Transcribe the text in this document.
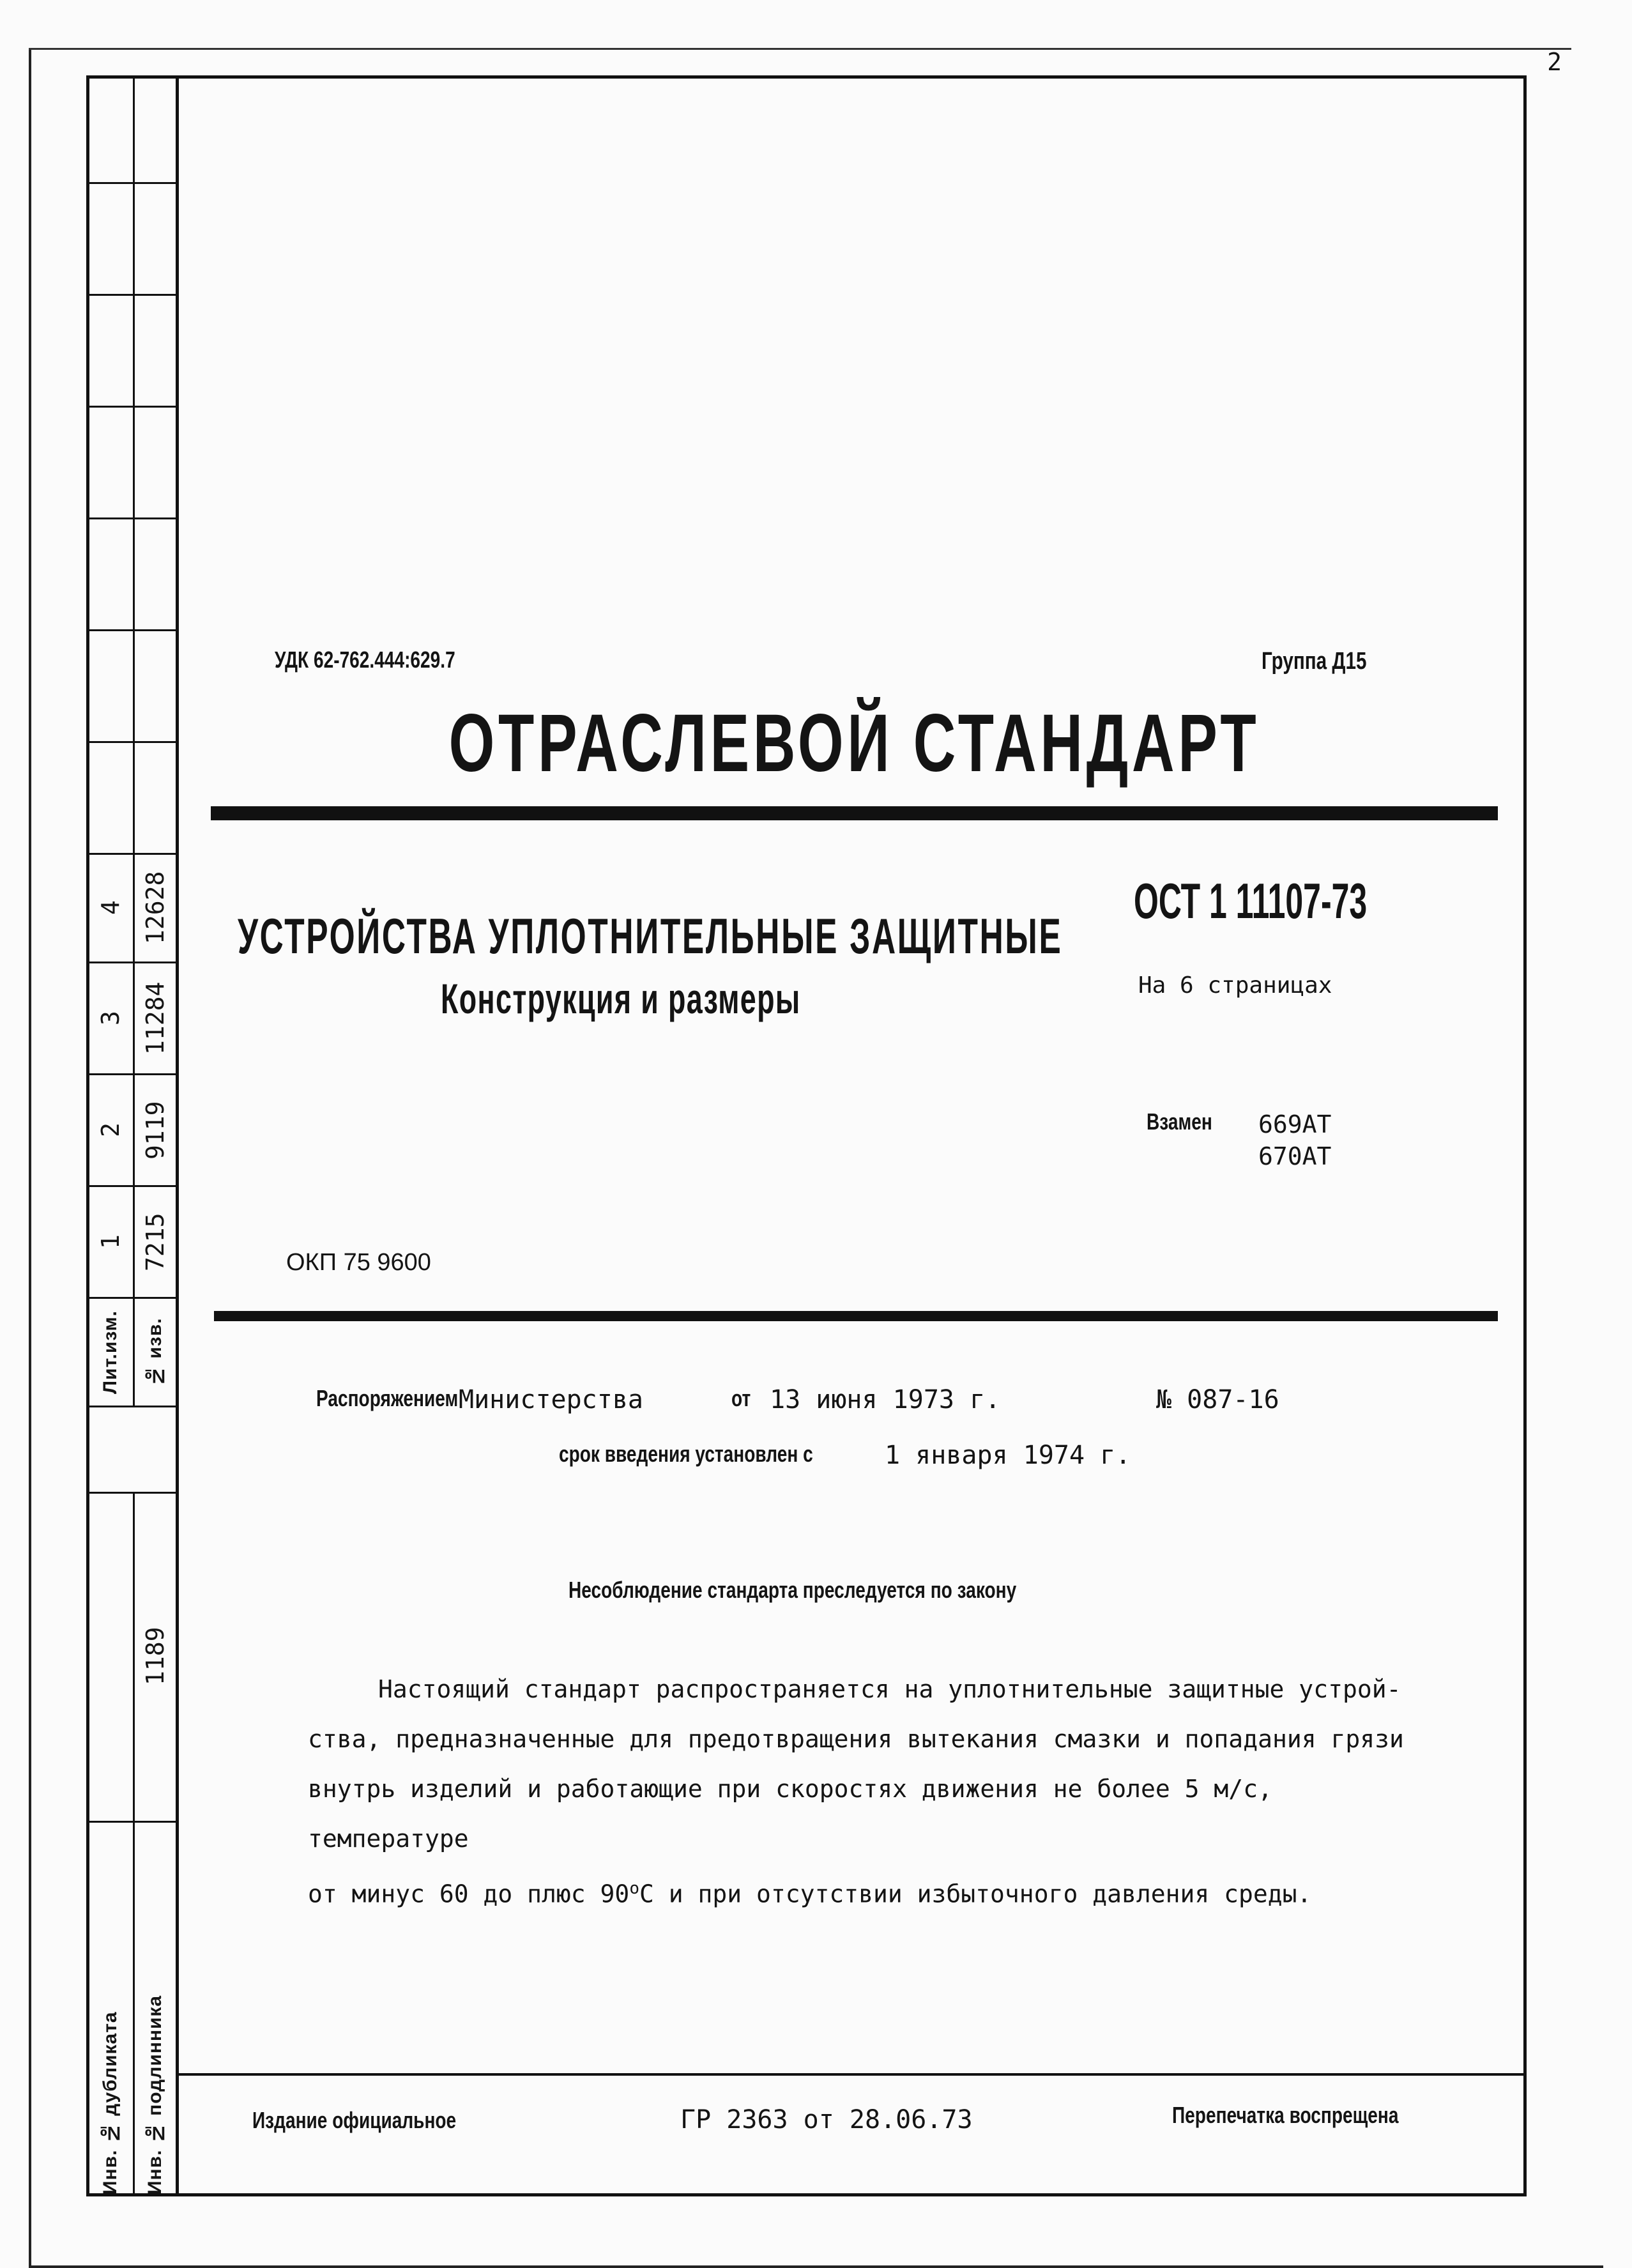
2
4 12628
3 11284
2 9119
1 7215
Лит.изм.	№ изв.
1189
Инв. № дубликата	Инв. № подлинника
УДК 62-762.444:629.7	Группа Д15
ОТРАСЛЕВОЙ СТАНДАРТ
УСТРОЙСТВА УПЛОТНИТЕЛЬНЫЕ ЗАЩИТНЫЕ
Конструкция и размеры
ОСТ 1 11107-73
На 6 страницах
Взамен	669АТ
670АТ
ОКП 75 9600
Распоряжением Министерства	от 13 июня 1973 г.	№ 087-16
срок введения установлен с	1 января 1974 г.
Несоблюдение стандарта преследуется по закону
Настоящий стандарт распространяется на уплотнительные защитные устрой-
ства, предназначенные для предотвращения вытекания смазки и попадания грязи
внутрь изделий и работающие при скоростях движения не более 5 м/с, температуре
от минус 60 до плюс $90^оС$ и при отсутствии избыточного давления среды.
Издание официальное	ГР 2363 от 28.06.73	Перепечатка воспрещена
